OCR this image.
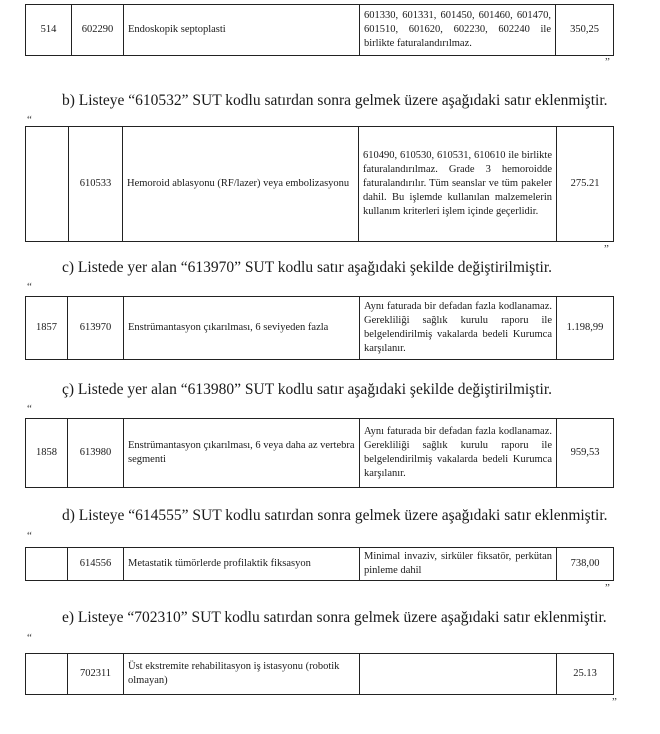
514	602290	Endoskopik septoplasti	601330, 601331, 601450, 601460, 601470, 601510, 601620, 602230, 602240 ile birlikte faturalandırılmaz.	350,25
”
b) Listeye “610532” SUT kodlu satırdan sonra gelmek üzere aşağıdaki satır eklenmiştir.
“
	610533	Hemoroid ablasyonu (RF/lazer) veya embolizasyonu	610490, 610530, 610531, 610610 ile birlikte faturalandırılmaz. Grade 3 hemoroidde faturalandırılır. Tüm seanslar ve tüm pakeler dahil. Bu işlemde kullanılan malzemelerin kullanım kriterleri işlem içinde geçerlidir.	275.21
”
c) Listede yer alan “613970” SUT kodlu satır aşağıdaki şekilde değiştirilmiştir.
“
1857	613970	Enstrümantasyon çıkarılması, 6 seviyeden fazla	Aynı faturada bir defadan fazla kodlanamaz. Gerekliliği sağlık kurulu raporu ile belgelendirilmiş vakalarda bedeli Kurumca karşılanır.	1.198,99
ç) Listede yer alan “613980” SUT kodlu satır aşağıdaki şekilde değiştirilmiştir.
“
1858	613980	Enstrümantasyon çıkarılması, 6 veya daha az vertebra segmenti	Aynı faturada bir defadan fazla kodlanamaz. Gerekliliği sağlık kurulu raporu ile belgelendirilmiş vakalarda bedeli Kurumca karşılanır.	959,53
d) Listeye “614555” SUT kodlu satırdan sonra gelmek üzere aşağıdaki satır eklenmiştir.
“
	614556	Metastatik tümörlerde profilaktik fiksasyon	Minimal invaziv, sirküler fiksatör, perkütan pinleme dahil	738,00
”
e) Listeye “702310” SUT kodlu satırdan sonra gelmek üzere aşağıdaki satır eklenmiştir.
“
	702311	Üst ekstremite rehabilitasyon iş istasyonu (robotik olmayan)		25.13
”
